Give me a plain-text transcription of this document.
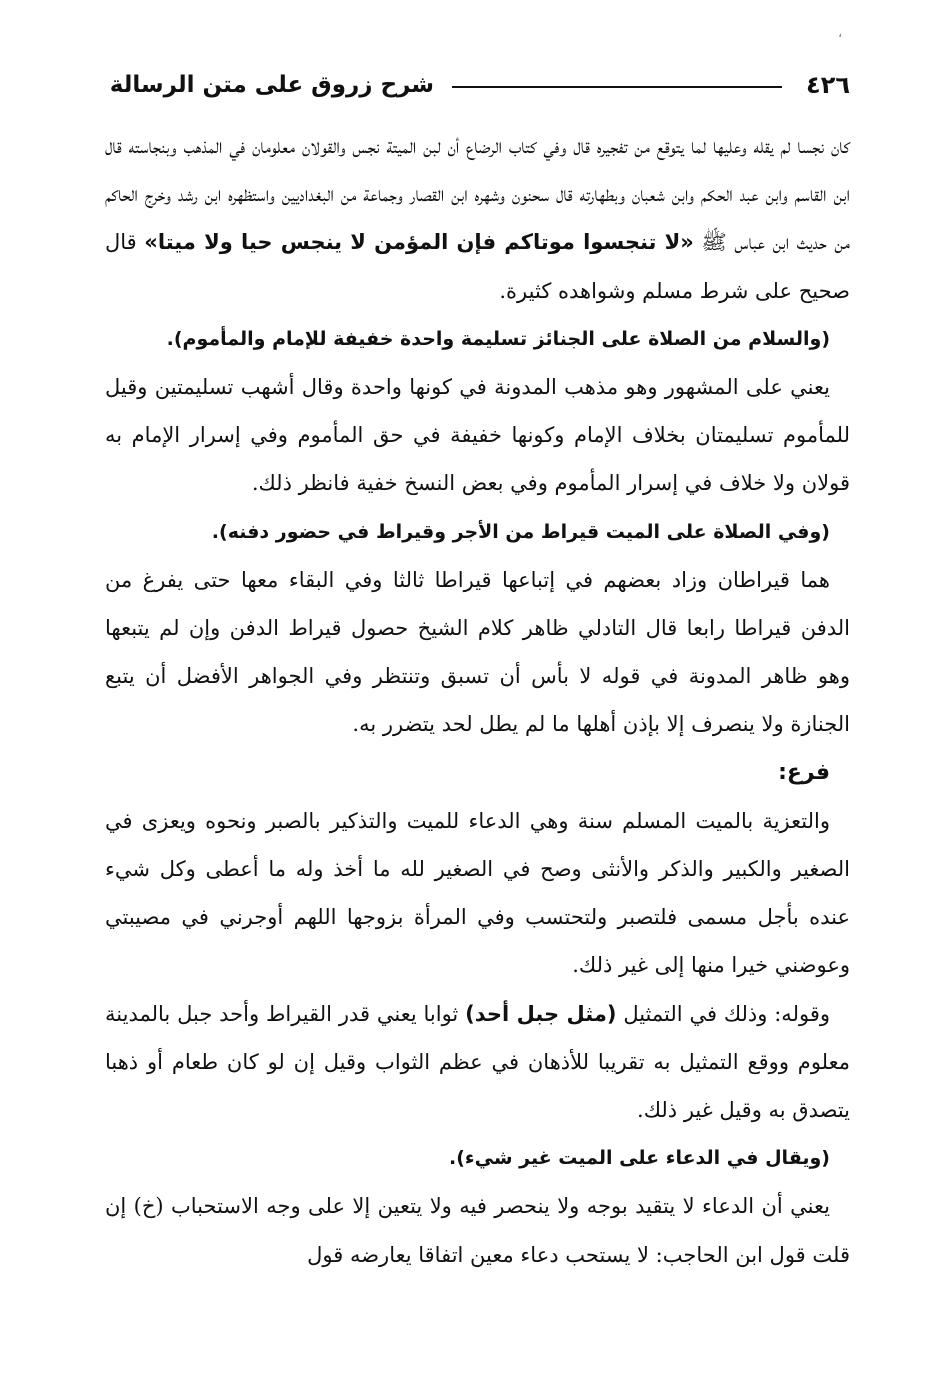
،
٤٢٦
شرح زروق على متن الرسالة

كان نجسا لم يقله وعليها لما يتوقع من تفجيره قال وفي كتاب الرضاع أن لبن الميتة نجس والقولان معلومان في المذهب وبنجاسته قال ابن القاسم وابن عبد الحكم وابن شعبان وبطهارته قال سحنون وشهره ابن القصار وجماعة من البغداديين واستظهره ابن رشد وخرج الحاكم من حديث ابن عباس ﷺ «لا تنجسوا موتاكم فإن المؤمن لا ينجس حيا ولا ميتا» قال صحيح على شرط مسلم وشواهده كثيرة.

(والسلام من الصلاة على الجنائز تسليمة واحدة خفيفة للإمام والمأموم).

يعني على المشهور وهو مذهب المدونة في كونها واحدة وقال أشهب تسليمتين وقيل للمأموم تسليمتان بخلاف الإمام وكونها خفيفة في حق المأموم وفي إسرار الإمام به قولان ولا خلاف في إسرار المأموم وفي بعض النسخ خفية فانظر ذلك.

(وفي الصلاة على الميت قيراط من الأجر وقيراط في حضور دفنه).

هما قيراطان وزاد بعضهم في إتباعها قيراطا ثالثا وفي البقاء معها حتى يفرغ من الدفن قيراطا رابعا قال التادلي ظاهر كلام الشيخ حصول قيراط الدفن وإن لم يتبعها وهو ظاهر المدونة في قوله لا بأس أن تسبق وتنتظر وفي الجواهر الأفضل أن يتبع الجنازة ولا ينصرف إلا بإذن أهلها ما لم يطل لحد يتضرر به.

فرع:

والتعزية بالميت المسلم سنة وهي الدعاء للميت والتذكير بالصبر ونحوه ويعزى في الصغير والكبير والذكر والأنثى وصح في الصغير لله ما أخذ وله ما أعطى وكل شيء عنده بأجل مسمى فلتصبر ولتحتسب وفي المرأة بزوجها اللهم أوجرني في مصيبتي وعوضني خيرا منها إلى غير ذلك.

وقوله: وذلك في التمثيل (مثل جبل أحد) ثوابا يعني قدر القيراط وأحد جبل بالمدينة معلوم ووقع التمثيل به تقريبا للأذهان في عظم الثواب وقيل إن لو كان طعام أو ذهبا يتصدق به وقيل غير ذلك.

(ويقال في الدعاء على الميت غير شيء).

يعني أن الدعاء لا يتقيد بوجه ولا ينحصر فيه ولا يتعين إلا على وجه الاستحباب (خ) إن قلت قول ابن الحاجب: لا يستحب دعاء معين اتفاقا يعارضه قول
